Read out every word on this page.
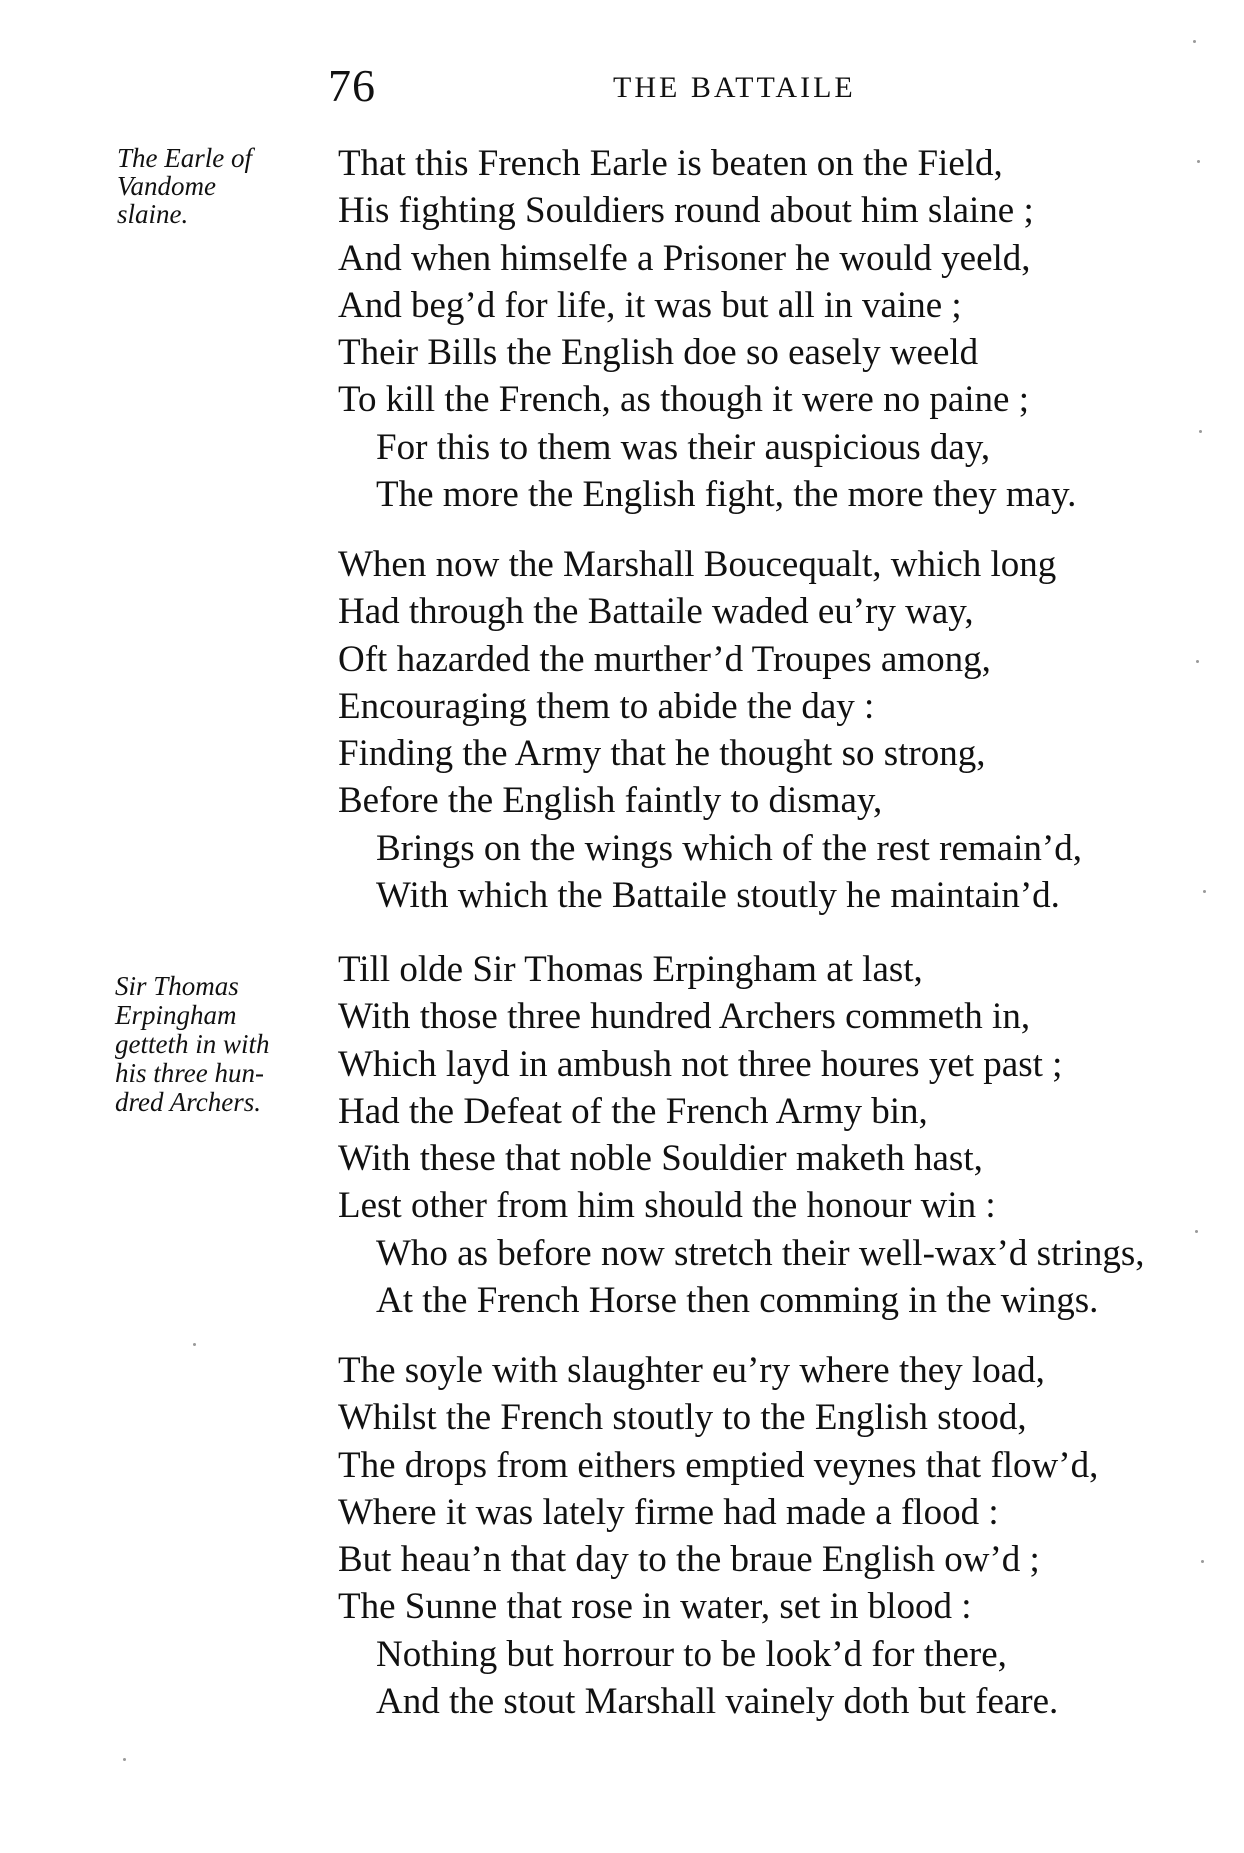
76	THE BATTAILE
The Earle of
Vandome
slaine.
Sir Thomas
Erpingham
getteth in with
his three hun-
dred Archers.
That this French Earle is beaten on the Field,
His fighting Souldiers round about him slaine ;
And when himselfe a Prisoner he would yeeld,
And beg’d for life, it was but all in vaine ;
Their Bills the English doe so easely weeld
To kill the French, as though it were no paine ;
For this to them was their auspicious day,
The more the English fight, the more they may.
When now the Marshall Boucequalt, which long
Had through the Battaile waded eu’ry way,
Oft hazarded the murther’d Troupes among,
Encouraging them to abide the day :
Finding the Army that he thought so strong,
Before the English faintly to dismay,
Brings on the wings which of the rest remain’d,
With which the Battaile stoutly he maintain’d.
Till olde Sir Thomas Erpingham at last,
With those three hundred Archers commeth in,
Which layd in ambush not three houres yet past ;
Had the Defeat of the French Army bin,
With these that noble Souldier maketh hast,
Lest other from him should the honour win :
Who as before now stretch their well-wax’d strings,
At the French Horse then comming in the wings.
The soyle with slaughter eu’ry where they load,
Whilst the French stoutly to the English stood,
The drops from eithers emptied veynes that flow’d,
Where it was lately firme had made a flood :
But heau’n that day to the braue English ow’d ;
The Sunne that rose in water, set in blood :
Nothing but horrour to be look’d for there,
And the stout Marshall vainely doth but feare.
